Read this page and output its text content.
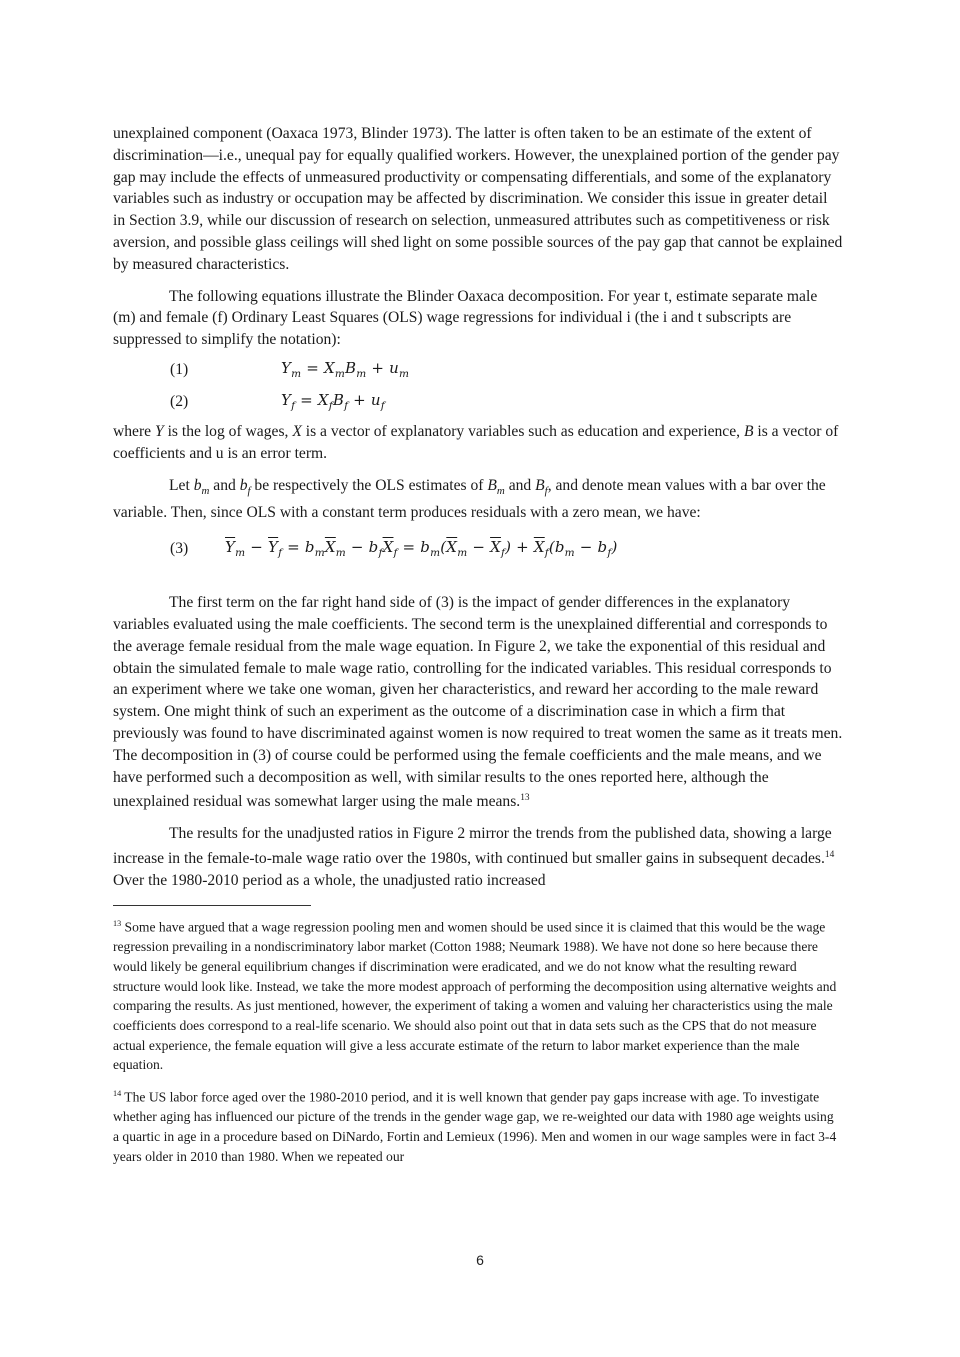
unexplained component (Oaxaca 1973, Blinder 1973). The latter is often taken to be an estimate of the extent of discrimination—i.e., unequal pay for equally qualified workers. However, the unexplained portion of the gender pay gap may include the effects of unmeasured productivity or compensating differentials, and some of the explanatory variables such as industry or occupation may be affected by discrimination. We consider this issue in greater detail in Section 3.9, while our discussion of research on selection, unmeasured attributes such as competitiveness or risk aversion, and possible glass ceilings will shed light on some possible sources of the pay gap that cannot be explained by measured characteristics.

The following equations illustrate the Blinder Oaxaca decomposition. For year t, estimate separate male (m) and female (f) Ordinary Least Squares (OLS) wage regressions for individual i (the i and t subscripts are suppressed to simplify the notation):

(1)	$Y_m = X_mB_m + u_m$
(2)	$Y_f = X_fB_f + u_f$

where Y is the log of wages, X is a vector of explanatory variables such as education and experience, B is a vector of coefficients and u is an error term.

Let $b_m$ and $b_f$ be respectively the OLS estimates of $B_m$ and $B_f$, and denote mean values with a bar over the variable. Then, since OLS with a constant term produces residuals with a zero mean, we have:

(3) $\overline{Y}_m - \overline{Y}_f = b_m\overline{X}_m - b_f\overline{X}_f = b_m(\overline{X}_m - \overline{X}_f) + \overline{X}_f(b_m - b_f)$

The first term on the far right hand side of (3) is the impact of gender differences in the explanatory variables evaluated using the male coefficients. The second term is the unexplained differential and corresponds to the average female residual from the male wage equation. In Figure 2, we take the exponential of this residual and obtain the simulated female to male wage ratio, controlling for the indicated variables. This residual corresponds to an experiment where we take one woman, given her characteristics, and reward her according to the male reward system. One might think of such an experiment as the outcome of a discrimination case in which a firm that previously was found to have discriminated against women is now required to treat women the same as it treats men. The decomposition in (3) of course could be performed using the female coefficients and the male means, and we have performed such a decomposition as well, with similar results to the ones reported here, although the unexplained residual was somewhat larger using the male means.$^{13}$

The results for the unadjusted ratios in Figure 2 mirror the trends from the published data, showing a large increase in the female-to-male wage ratio over the 1980s, with continued but smaller gains in subsequent decades.$^{14}$ Over the 1980-2010 period as a whole, the unadjusted ratio increased

$^{13}$ Some have argued that a wage regression pooling men and women should be used since it is claimed that this would be the wage regression prevailing in a nondiscriminatory labor market (Cotton 1988; Neumark 1988). We have not done so here because there would likely be general equilibrium changes if discrimination were eradicated, and we do not know what the resulting reward structure would look like. Instead, we take the more modest approach of performing the decomposition using alternative weights and comparing the results. As just mentioned, however, the experiment of taking a women and valuing her characteristics using the male coefficients does correspond to a real-life scenario. We should also point out that in data sets such as the CPS that do not measure actual experience, the female equation will give a less accurate estimate of the return to labor market experience than the male equation.

$^{14}$ The US labor force aged over the 1980-2010 period, and it is well known that gender pay gaps increase with age. To investigate whether aging has influenced our picture of the trends in the gender wage gap, we re-weighted our data with 1980 age weights using a quartic in age in a procedure based on DiNardo, Fortin and Lemieux (1996). Men and women in our wage samples were in fact 3-4 years older in 2010 than 1980. When we repeated our

6
